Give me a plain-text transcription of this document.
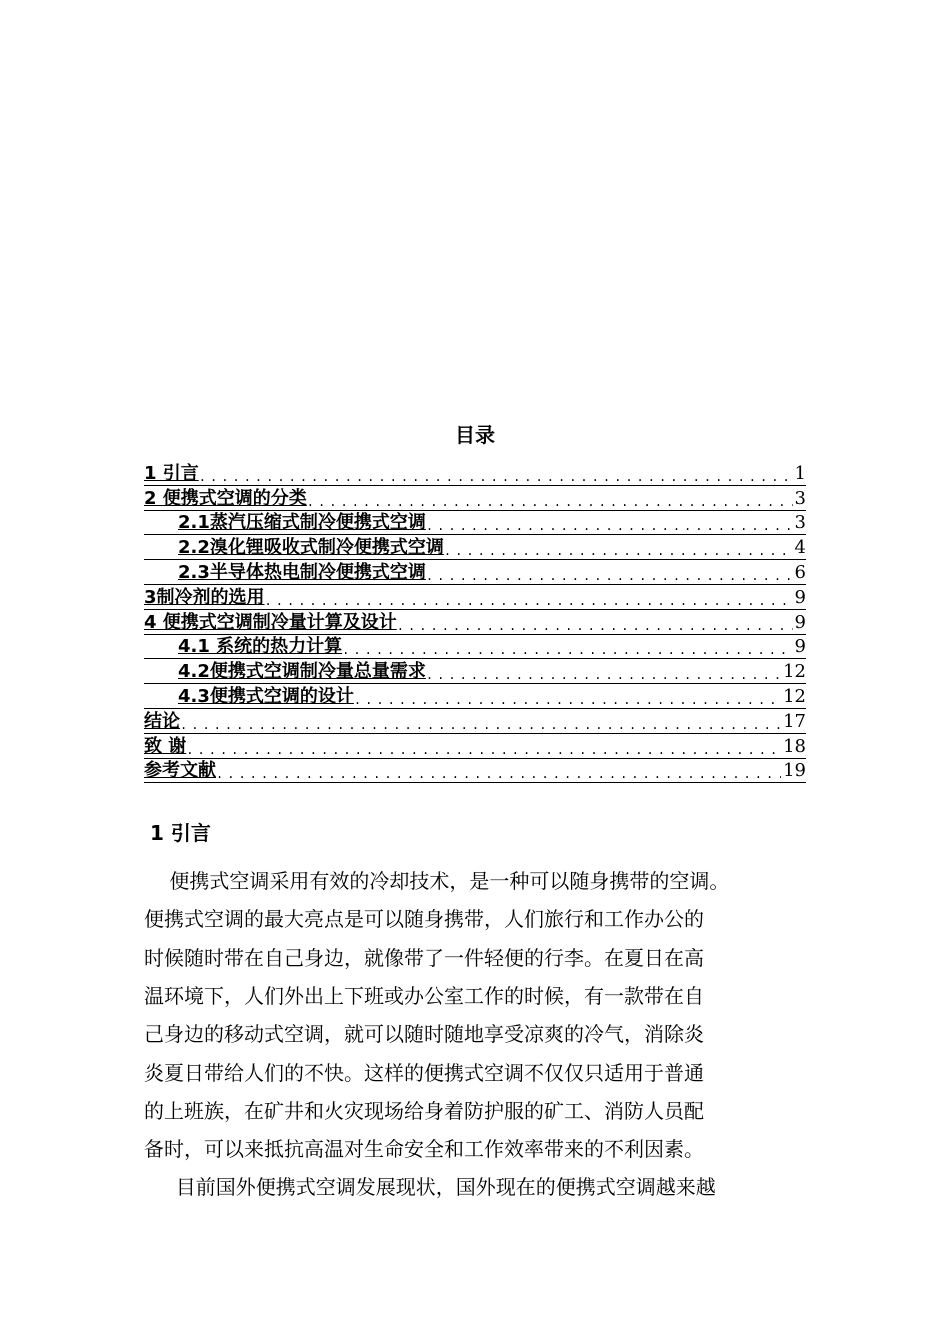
目录
1 引言 .....	1
2 便携式空调的分类 .....	3
2.1蒸汽压缩式制冷便携式空调 .....	3
2.2溴化锂吸收式制冷便携式空调 .....	4
2.3半导体热电制冷便携式空调 .....	6
3制冷剂的选用 .....	9
4 便携式空调制冷量计算及设计 .....	9
4.1 系统的热力计算 .....	9
4.2便携式空调制冷量总量需求 .....	12
4.3便携式空调的设计 .....	12
结论 .....	17
致 谢 .....	18
参考文献 .....	19
1 引言
便携式空调采用有效的冷却技术，是一种可以随身携带的空调。
便携式空调的最大亮点是可以随身携带，人们旅行和工作办公的
时候随时带在自己身边，就像带了一件轻便的行李。在夏日在高
温环境下，人们外出上下班或办公室工作的时候，有一款带在自
己身边的移动式空调，就可以随时随地享受凉爽的冷气，消除炎
炎夏日带给人们的不快。这样的便携式空调不仅仅只适用于普通
的上班族，在矿井和火灾现场给身着防护服的矿工、消防人员配
备时，可以来抵抗高温对生命安全和工作效率带来的不利因素。
目前国外便携式空调发展现状，国外现在的便携式空调越来越
